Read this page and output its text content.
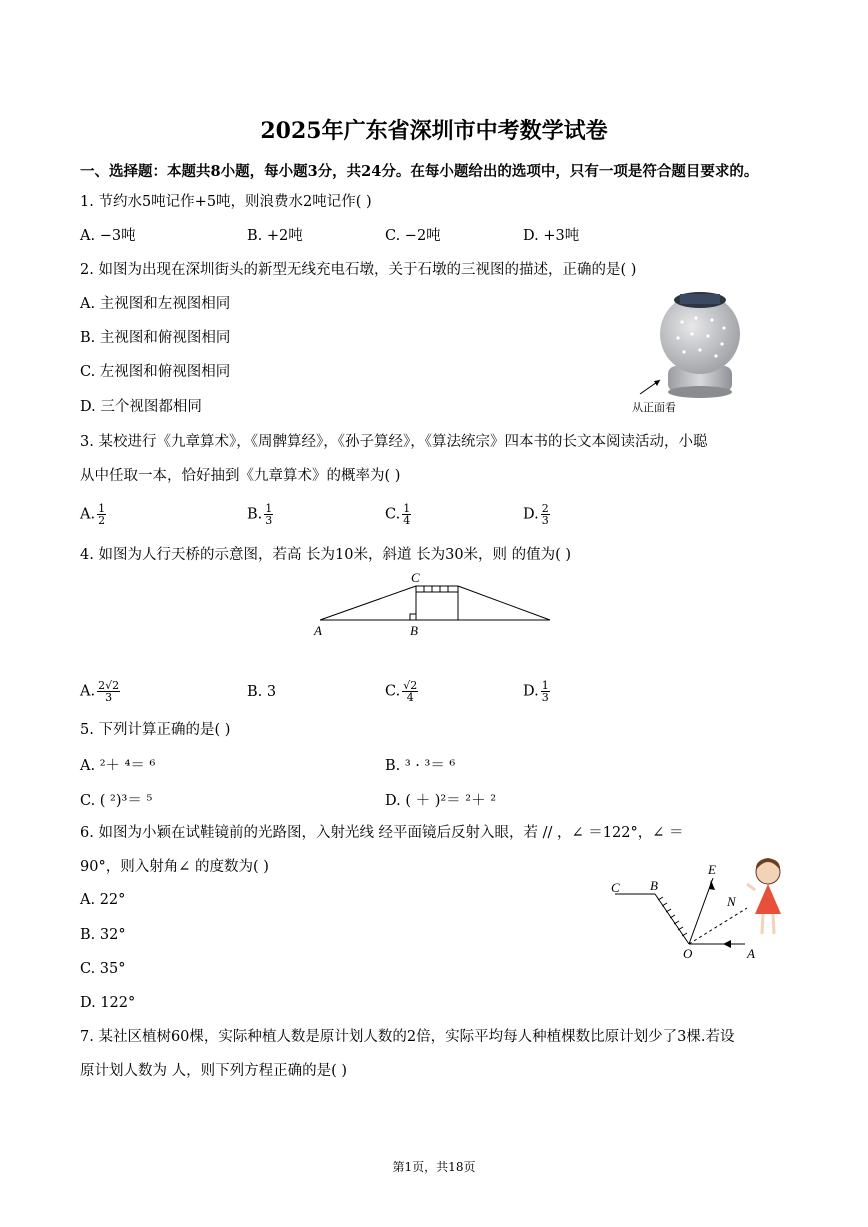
2025年广东省深圳市中考数学试卷
一、选择题：本题共8小题，每小题3分，共24分。在每小题给出的选项中，只有一项是符合题目要求的。
1. 节约水5吨记作+5吨，则浪费水2吨记作( )
A. −3吨	B. +2吨	C. −2吨	D. +3吨
2. 如图为出现在深圳街头的新型无线充电石墩，关于石墩的三视图的描述，正确的是( )
A. 主视图和左视图相同
B. 主视图和俯视图相同
C. 左视图和俯视图相同
D. 三个视图都相同	从正面看
3. 某校进行《九章算术》，《周髀算经》，《孙子算经》，《算法统宗》四本书的长文本阅读活动，小聪
从中任取一本，恰好抽到《九章算术》的概率为( )
A. $\frac{1}{2}$	B. $\frac{1}{3}$	C. $\frac{1}{4}$	D. $\frac{2}{3}$
4. 如图为人行天桥的示意图，若高 长为10米，斜道 长为30米，则 的值为( )
A	B
C
A. $\frac{2√2}{3}$	B. 3	C. $\frac{√2}{4}$	D. $\frac{1}{3}$
5. 下列计算正确的是( )
A. ²＋ ⁴＝ ⁶	B. ³ · ³＝ ⁶
C. ( ²)³＝ ⁵	D. ( ＋ )²＝ ²＋ ²
6. 如图为小颖在试鞋镜前的光路图，入射光线 经平面镜后反射入眼，若 // ，∠ ＝122°，∠ ＝
90°，则入射角∠ 的度数为( )
A. 22°
B. 32°
C. 35°
D. 122°
C B
E
N
O	A
7. 某社区植树60棵，实际种植人数是原计划人数的2倍，实际平均每人种植棵数比原计划少了3棵.若设
原计划人数为 人，则下列方程正确的是( )
第1页，共18页
